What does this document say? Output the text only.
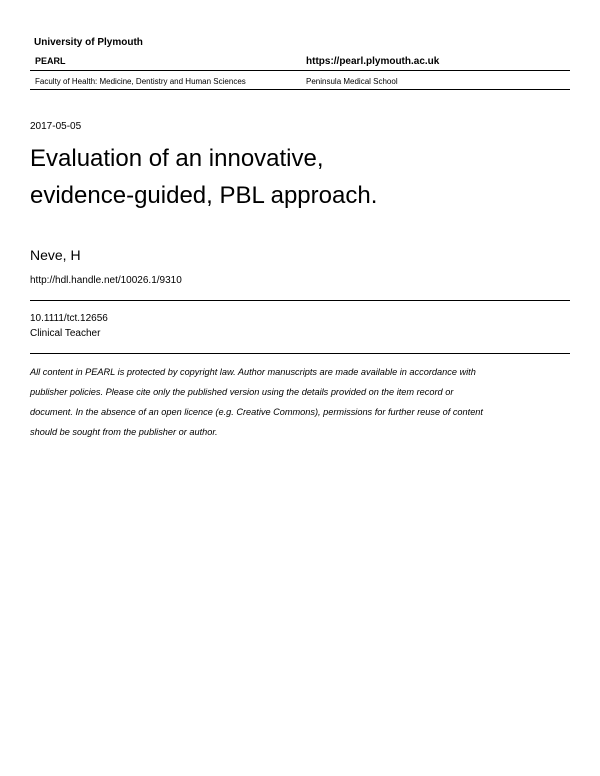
University of Plymouth
PEARL	https://pearl.plymouth.ac.uk
Faculty of Health: Medicine, Dentistry and Human Sciences	Peninsula Medical School
2017-05-05
Evaluation of an innovative,
evidence-guided, PBL approach.
Neve, H
http://hdl.handle.net/10026.1/9310
10.1111/tct.12656
Clinical Teacher
All content in PEARL is protected by copyright law. Author manuscripts are made available in accordance with
publisher policies. Please cite only the published version using the details provided on the item record or
document. In the absence of an open licence (e.g. Creative Commons), permissions for further reuse of content
should be sought from the publisher or author.
